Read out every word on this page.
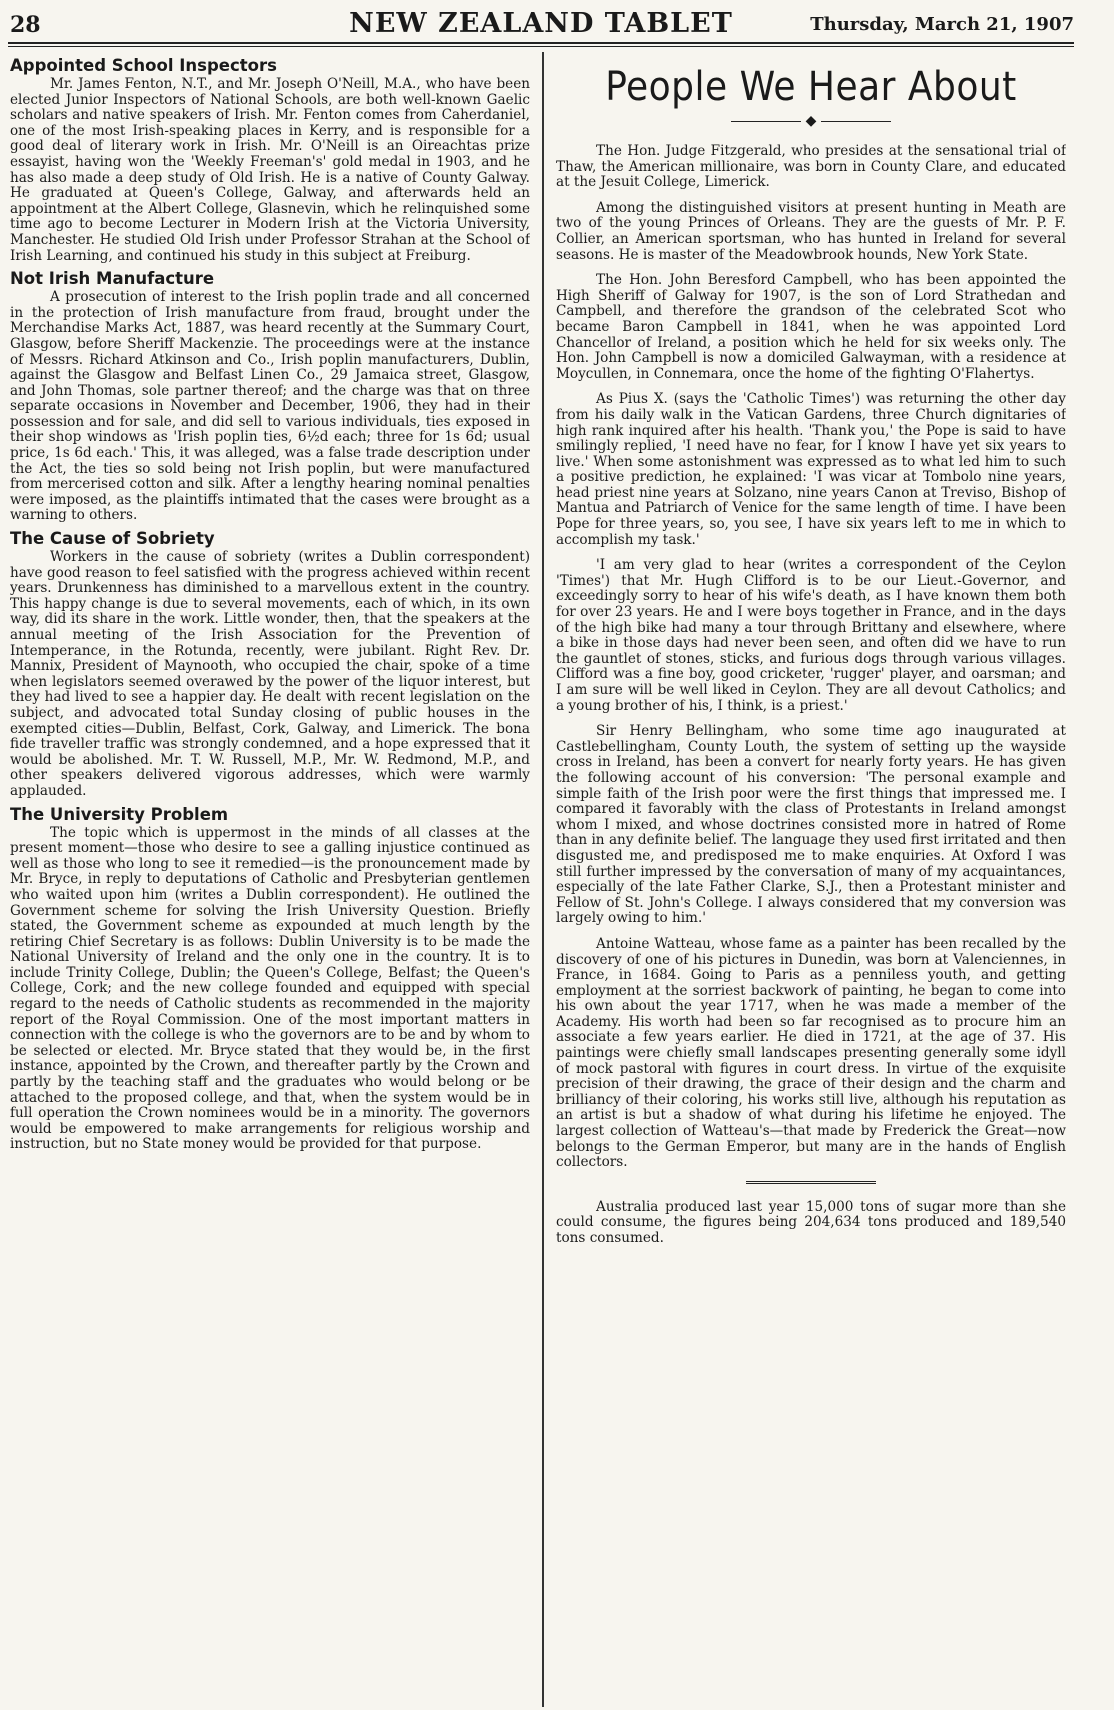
28	NEW ZEALAND TABLET	Thursday, March 21, 1907
Appointed School Inspectors

Mr. James Fenton, N.T., and Mr. Joseph O'Neill, M.A., who have been elected Junior Inspectors of National Schools, are both well-known Gaelic scholars and native speakers of Irish. Mr. Fenton comes from Caherdaniel, one of the most Irish-speaking places in Kerry, and is responsible for a good deal of literary work in Irish. Mr. O'Neill is an Oireachtas prize essayist, having won the 'Weekly Freeman's' gold medal in 1903, and he has also made a deep study of Old Irish. He is a native of County Galway. He graduated at Queen's College, Galway, and afterwards held an appointment at the Albert College, Glasnevin, which he relinquished some time ago to become Lecturer in Modern Irish at the Victoria University, Manchester. He studied Old Irish under Professor Strahan at the School of Irish Learning, and continued his study in this subject at Freiburg.

Not Irish Manufacture

A prosecution of interest to the Irish poplin trade and all concerned in the protection of Irish manufacture from fraud, brought under the Merchandise Marks Act, 1887, was heard recently at the Summary Court, Glasgow, before Sheriff Mackenzie. The proceedings were at the instance of Messrs. Richard Atkinson and Co., Irish poplin manufacturers, Dublin, against the Glasgow and Belfast Linen Co., 29 Jamaica street, Glasgow, and John Thomas, sole partner thereof; and the charge was that on three separate occasions in November and December, 1906, they had in their possession and for sale, and did sell to various individuals, ties exposed in their shop windows as 'Irish poplin ties, 6½d each; three for 1s 6d; usual price, 1s 6d each.' This, it was alleged, was a false trade description under the Act, the ties so sold being not Irish poplin, but were manufactured from mercerised cotton and silk. After a lengthy hearing nominal penalties were imposed, as the plaintiffs intimated that the cases were brought as a warning to others.

The Cause of Sobriety

Workers in the cause of sobriety (writes a Dublin correspondent) have good reason to feel satisfied with the progress achieved within recent years. Drunkenness has diminished to a marvellous extent in the country. This happy change is due to several movements, each of which, in its own way, did its share in the work. Little wonder, then, that the speakers at the annual meeting of the Irish Association for the Prevention of Intemperance, in the Rotunda, recently, were jubilant. Right Rev. Dr. Mannix, President of Maynooth, who occupied the chair, spoke of a time when legislators seemed overawed by the power of the liquor interest, but they had lived to see a happier day. He dealt with recent legislation on the subject, and advocated total Sunday closing of public houses in the exempted cities—Dublin, Belfast, Cork, Galway, and Limerick. The bona fide traveller traffic was strongly condemned, and a hope expressed that it would be abolished. Mr. T. W. Russell, M.P., Mr. W. Redmond, M.P., and other speakers delivered vigorous addresses, which were warmly applauded.

The University Problem

The topic which is uppermost in the minds of all classes at the present moment—those who desire to see a galling injustice continued as well as those who long to see it remedied—is the pronouncement made by Mr. Bryce, in reply to deputations of Catholic and Presbyterian gentlemen who waited upon him (writes a Dublin correspondent). He outlined the Government scheme for solving the Irish University Question. Briefly stated, the Government scheme as expounded at much length by the retiring Chief Secretary is as follows: Dublin University is to be made the National University of Ireland and the only one in the country. It is to include Trinity College, Dublin; the Queen's College, Belfast; the Queen's College, Cork; and the new college founded and equipped with special regard to the needs of Catholic students as recommended in the majority report of the Royal Commission. One of the most important matters in connection with the college is who the governors are to be and by whom to be selected or elected. Mr. Bryce stated that they would be, in the first instance, appointed by the Crown, and thereafter partly by the Crown and partly by the teaching staff and the graduates who would belong or be attached to the proposed college, and that, when the system would be in full operation the Crown nominees would be in a minority. The governors would be empowered to make arrangements for religious worship and instruction, but no State money would be provided for that purpose.

People We Hear About
◆

The Hon. Judge Fitzgerald, who presides at the sensational trial of Thaw, the American millionaire, was born in County Clare, and educated at the Jesuit College, Limerick.

Among the distinguished visitors at present hunting in Meath are two of the young Princes of Orleans. They are the guests of Mr. P. F. Collier, an American sportsman, who has hunted in Ireland for several seasons. He is master of the Meadowbrook hounds, New York State.

The Hon. John Beresford Campbell, who has been appointed the High Sheriff of Galway for 1907, is the son of Lord Strathedan and Campbell, and therefore the grandson of the celebrated Scot who became Baron Campbell in 1841, when he was appointed Lord Chancellor of Ireland, a position which he held for six weeks only. The Hon. John Campbell is now a domiciled Galwayman, with a residence at Moycullen, in Connemara, once the home of the fighting O'Flahertys.

As Pius X. (says the 'Catholic Times') was returning the other day from his daily walk in the Vatican Gardens, three Church dignitaries of high rank inquired after his health. 'Thank you,' the Pope is said to have smilingly replied, 'I need have no fear, for I know I have yet six years to live.' When some astonishment was expressed as to what led him to such a positive prediction, he explained: 'I was vicar at Tombolo nine years, head priest nine years at Solzano, nine years Canon at Treviso, Bishop of Mantua and Patriarch of Venice for the same length of time. I have been Pope for three years, so, you see, I have six years left to me in which to accomplish my task.'

'I am very glad to hear (writes a correspondent of the Ceylon 'Times') that Mr. Hugh Clifford is to be our Lieut.-Governor, and exceedingly sorry to hear of his wife's death, as I have known them both for over 23 years. He and I were boys together in France, and in the days of the high bike had many a tour through Brittany and elsewhere, where a bike in those days had never been seen, and often did we have to run the gauntlet of stones, sticks, and furious dogs through various villages. Clifford was a fine boy, good cricketer, 'rugger' player, and oarsman; and I am sure will be well liked in Ceylon. They are all devout Catholics; and a young brother of his, I think, is a priest.'

Sir Henry Bellingham, who some time ago inaugurated at Castlebellingham, County Louth, the system of setting up the wayside cross in Ireland, has been a convert for nearly forty years. He has given the following account of his conversion: 'The personal example and simple faith of the Irish poor were the first things that impressed me. I compared it favorably with the class of Protestants in Ireland amongst whom I mixed, and whose doctrines consisted more in hatred of Rome than in any definite belief. The language they used first irritated and then disgusted me, and predisposed me to make enquiries. At Oxford I was still further impressed by the conversation of many of my acquaintances, especially of the late Father Clarke, S.J., then a Protestant minister and Fellow of St. John's College. I always considered that my conversion was largely owing to him.'

Antoine Watteau, whose fame as a painter has been recalled by the discovery of one of his pictures in Dunedin, was born at Valenciennes, in France, in 1684. Going to Paris as a penniless youth, and getting employment at the sorriest backwork of painting, he began to come into his own about the year 1717, when he was made a member of the Academy. His worth had been so far recognised as to procure him an associate a few years earlier. He died in 1721, at the age of 37. His paintings were chiefly small landscapes presenting generally some idyll of mock pastoral with figures in court dress. In virtue of the exquisite precision of their drawing, the grace of their design and the charm and brilliancy of their coloring, his works still live, although his reputation as an artist is but a shadow of what during his lifetime he enjoyed. The largest collection of Watteau's—that made by Frederick the Great—now belongs to the German Emperor, but many are in the hands of English collectors.

Australia produced last year 15,000 tons of sugar more than she could consume, the figures being 204,634 tons produced and 189,540 tons consumed.
